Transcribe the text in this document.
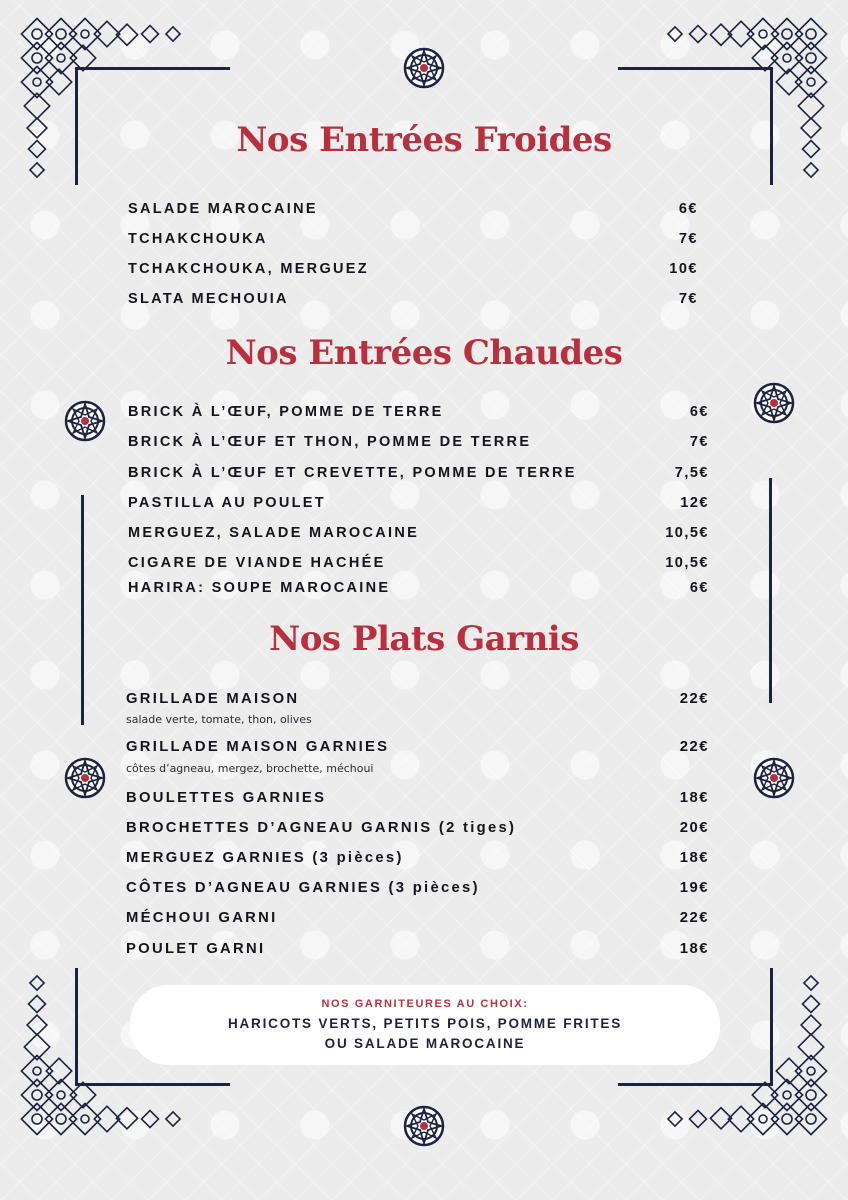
Nos Entrées Froides
SALADE MAROCAINE	6€
TCHAKCHOUKA	7€
TCHAKCHOUKA, MERGUEZ	10€
SLATA MECHOUIA	7€
Nos Entrées Chaudes
BRICK À L’ŒUF, POMME DE TERRE	6€
BRICK À L’ŒUF ET THON, POMME DE TERRE	7€
BRICK À L’ŒUF ET CREVETTE, POMME DE TERRE	7,5€
PASTILLA AU POULET	12€
MERGUEZ, SALADE MAROCAINE	10,5€
CIGARE DE VIANDE HACHÉE	10,5€
HARIRA: SOUPE MAROCAINE	6€
Nos Plats Garnis
GRILLADE MAISON	22€
salade verte, tomate, thon, olives
GRILLADE MAISON GARNIES	22€
côtes d’agneau, mergez, brochette, méchoui
BOULETTES GARNIES	18€
BROCHETTES D’AGNEAU GARNIS (2 tiges)	20€
MERGUEZ GARNIES (3 pièces)	18€
CÔTES D’AGNEAU GARNIES (3 pièces)	19€
MÉCHOUI GARNI	22€
POULET GARNI	18€
NOS GARNITEURES AU CHOIX:
HARICOTS VERTS, PETITS POIS, POMME FRITES
OU SALADE MAROCAINE
